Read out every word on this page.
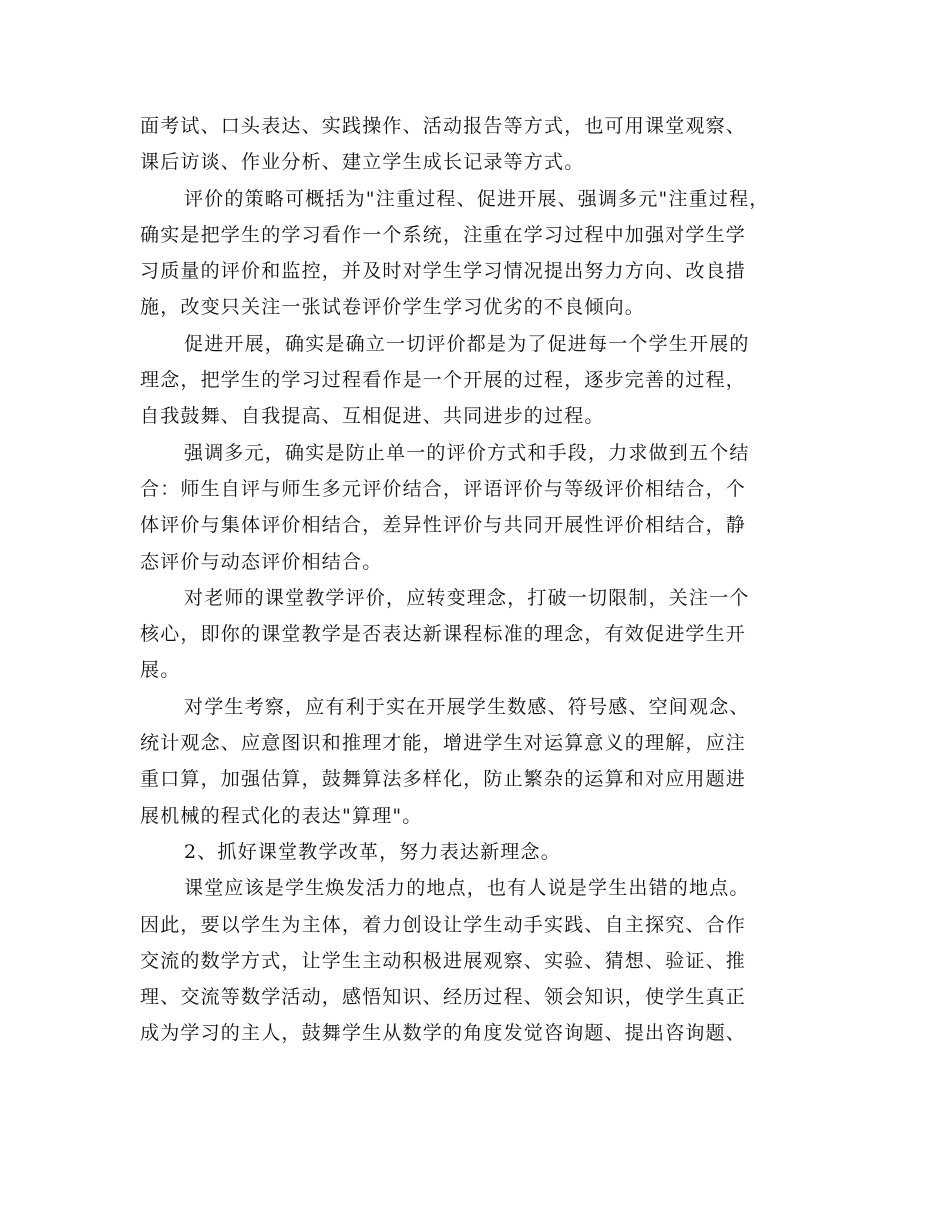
面考试、口头表达、实践操作、活动报告等方式，也可用课堂观察、
课后访谈、作业分析、建立学生成长记录等方式。
评价的策略可概括为"注重过程、促进开展、强调多元"注重过程，
确实是把学生的学习看作一个系统，注重在学习过程中加强对学生学
习质量的评价和监控，并及时对学生学习情况提出努力方向、改良措
施，改变只关注一张试卷评价学生学习优劣的不良倾向。
促进开展，确实是确立一切评价都是为了促进每一个学生开展的
理念，把学生的学习过程看作是一个开展的过程，逐步完善的过程，
自我鼓舞、自我提高、互相促进、共同进步的过程。
强调多元，确实是防止单一的评价方式和手段，力求做到五个结
合：师生自评与师生多元评价结合，评语评价与等级评价相结合，个
体评价与集体评价相结合，差异性评价与共同开展性评价相结合，静
态评价与动态评价相结合。
对老师的课堂教学评价，应转变理念，打破一切限制，关注一个
核心，即你的课堂教学是否表达新课程标准的理念，有效促进学生开
展。
对学生考察，应有利于实在开展学生数感、符号感、空间观念、
统计观念、应意图识和推理才能，增进学生对运算意义的理解，应注
重口算，加强估算，鼓舞算法多样化，防止繁杂的运算和对应用题进
展机械的程式化的表达"算理"。
2、抓好课堂教学改革，努力表达新理念。
课堂应该是学生焕发活力的地点，也有人说是学生出错的地点。
因此，要以学生为主体，着力创设让学生动手实践、自主探究、合作
交流的数学方式，让学生主动积极进展观察、实验、猜想、验证、推
理、交流等数学活动，感悟知识、经历过程、领会知识，使学生真正
成为学习的主人，鼓舞学生从数学的角度发觉咨询题、提出咨询题、
